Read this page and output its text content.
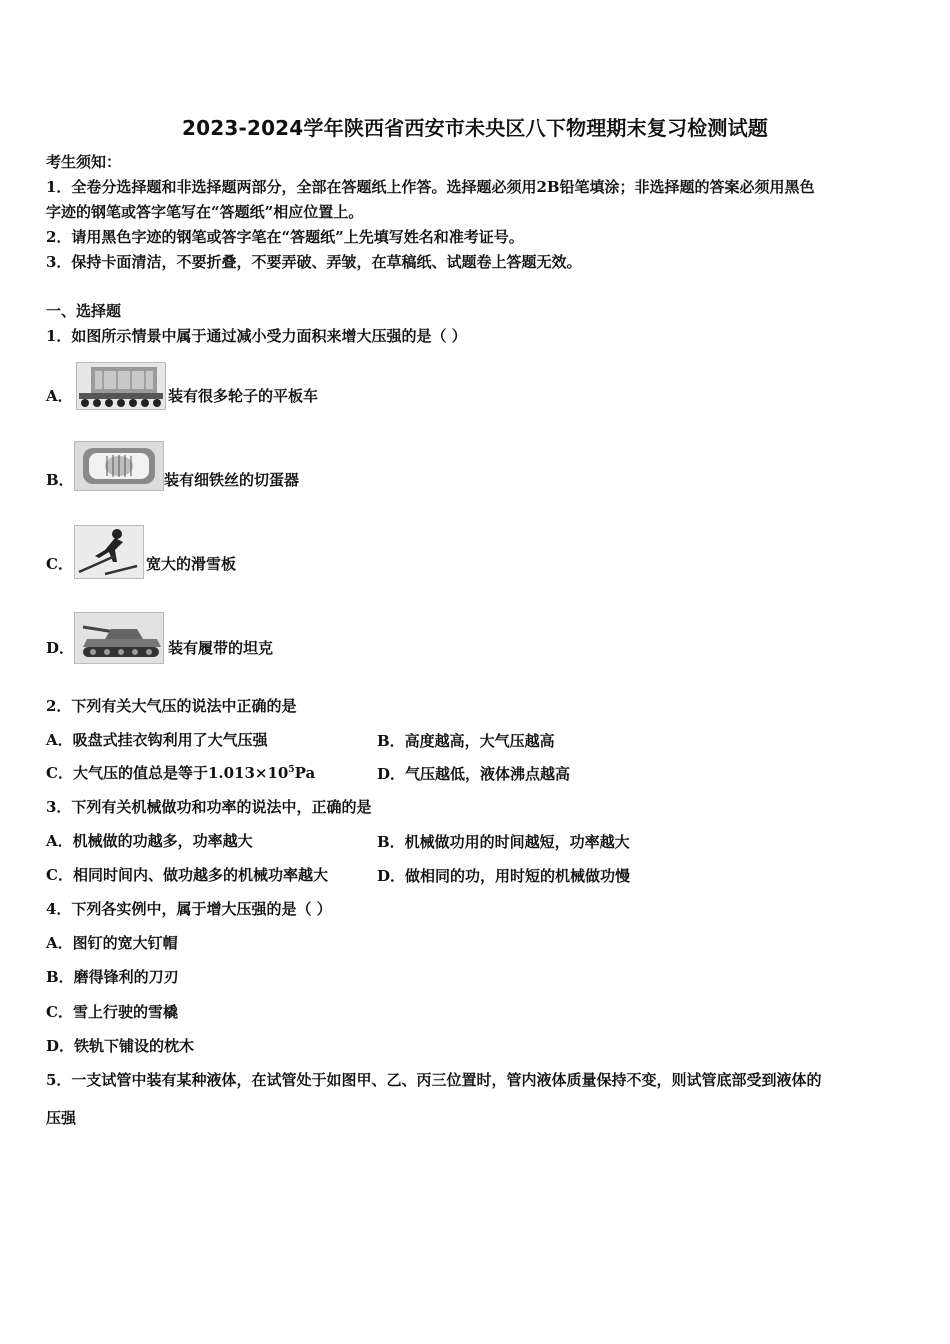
2023-2024学年陕西省西安市未央区八下物理期末复习检测试题
考生须知：
1．全卷分选择题和非选择题两部分，全部在答题纸上作答。选择题必须用2B铅笔填涂；非选择题的答案必须用黑色
字迹的钢笔或答字笔写在“答题纸”相应位置上。
2．请用黑色字迹的钢笔或答字笔在“答题纸”上先填写姓名和准考证号。
3．保持卡面清洁，不要折叠，不要弄破、弄皱，在草稿纸、试题卷上答题无效。
一、选择题
1．如图所示情景中属于通过减小受力面积来增大压强的是（ ）
A．	装有很多轮子的平板车
B．	装有细铁丝的切蛋器
C．	宽大的滑雪板
D．	装有履带的坦克
2．下列有关大气压的说法中正确的是
A．吸盘式挂衣钩利用了大气压强	B．高度越高，大气压越高
C．大气压的值总是等于$1.013\times 10^5Pa$	D．气压越低，液体沸点越高
3．下列有关机械做功和功率的说法中，正确的是
A．机械做的功越多，功率越大	B．机械做功用的时间越短，功率越大
C．相同时间内、做功越多的机械功率越大	D．做相同的功，用时短的机械做功慢
4．下列各实例中，属于增大压强的是（ ）
A．图钉的宽大钉帽
B．磨得锋利的刀刃
C．雪上行驶的雪橇
D．铁轨下铺设的枕木
5．一支试管中装有某种液体，在试管处于如图甲、乙、丙三位置时，管内液体质量保持不变，则试管底部受到液体的
压强
